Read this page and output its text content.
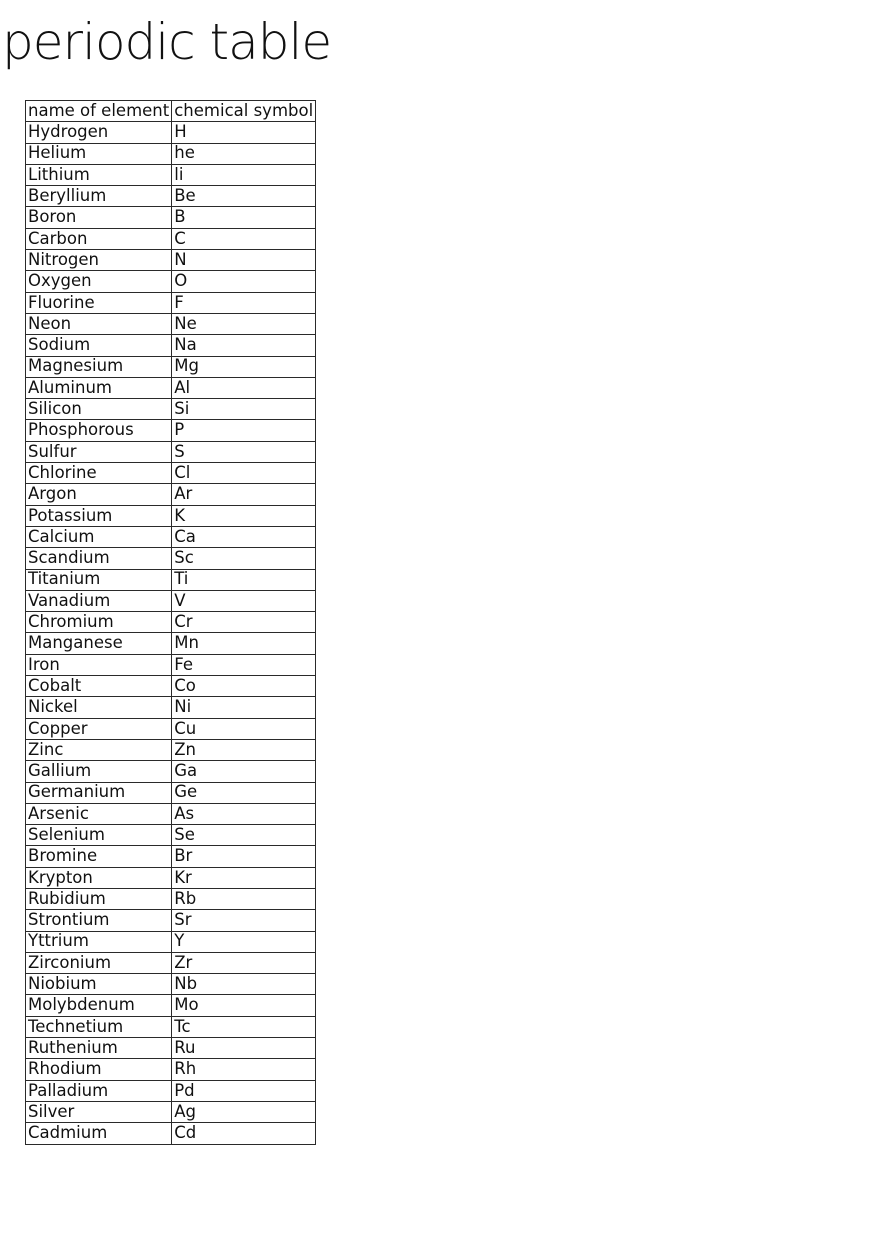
periodic table
name of element	chemical symbol
Hydrogen	H
Helium	he
Lithium	li
Beryllium	Be
Boron	B
Carbon	C
Nitrogen	N
Oxygen	O
Fluorine	F
Neon	Ne
Sodium	Na
Magnesium	Mg
Aluminum	Al
Silicon	Si
Phosphorous	P
Sulfur	S
Chlorine	Cl
Argon	Ar
Potassium	K
Calcium	Ca
Scandium	Sc
Titanium	Ti
Vanadium	V
Chromium	Cr
Manganese	Mn
Iron	Fe
Cobalt	Co
Nickel	Ni
Copper	Cu
Zinc	Zn
Gallium	Ga
Germanium	Ge
Arsenic	As
Selenium	Se
Bromine	Br
Krypton	Kr
Rubidium	Rb
Strontium	Sr
Yttrium	Y
Zirconium	Zr
Niobium	Nb
Molybdenum	Mo
Technetium	Tc
Ruthenium	Ru
Rhodium	Rh
Palladium	Pd
Silver	Ag
Cadmium	Cd
